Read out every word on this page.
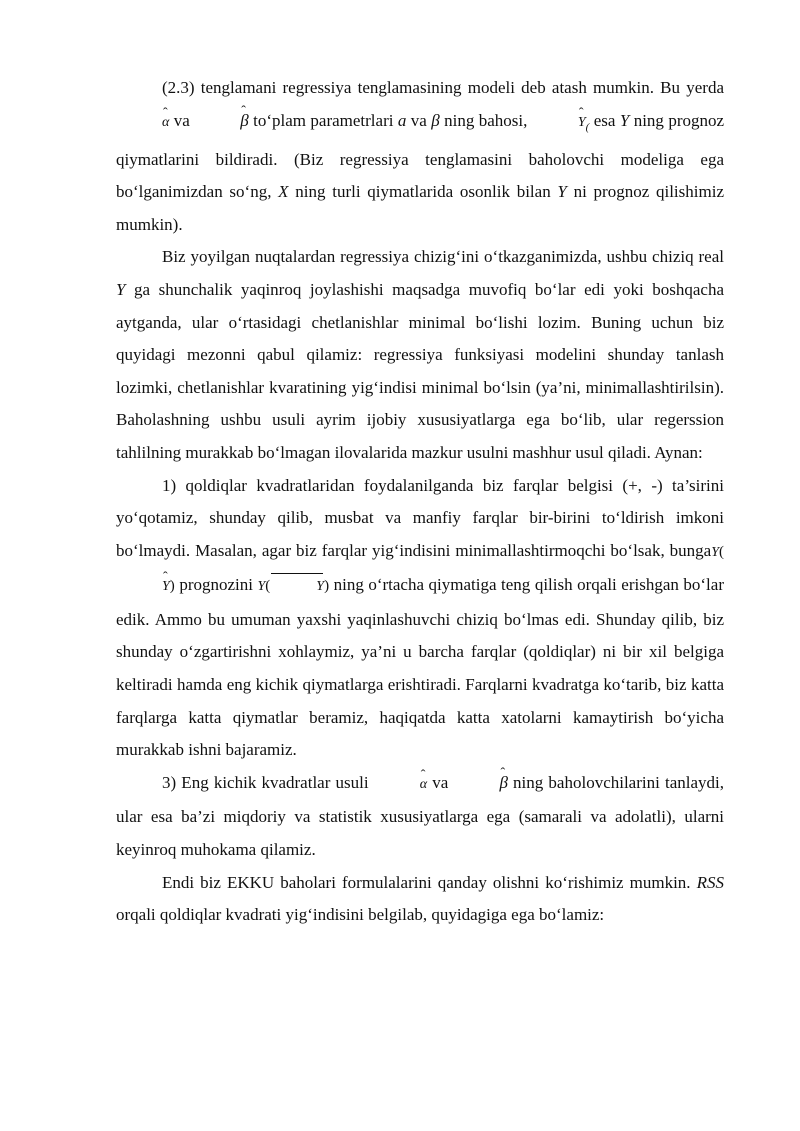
(2.3) tenglamani regressiya tenglamasining modeli deb atash mumkin. Bu yerda ˆ α va	ˆ β to‘plam parametrlari a va β ning bahosi,	ˆ $Y_($ esa Y ning prognoz qiymatlarini bildiradi. (Biz regressiya tenglamasini baholovchi modeliga ega bo‘lganimizdan so‘ng, X ning turli qiymatlarida osonlik bilan Y ni prognoz qilishimiz mumkin).

Biz yoyilgan nuqtalardan regressiya chizig‘ini o‘tkazganimizda, ushbu chiziq real Y ga shunchalik yaqinroq joylashishi maqsadga muvofiq bo‘lar edi yoki boshqacha aytganda, ular o‘rtasidagi chetlanishlar minimal bo‘lishi lozim. Buning uchun biz quyidagi mezonni qabul qilamiz: regressiya funksiyasi modelini shunday tanlash lozimki, chetlanishlar kvaratining yig‘indisi minimal bo‘lsin (ya’ni, minimallashtirilsin). Baholashning ushbu usuli ayrim ijobiy xususiyatlarga ega bo‘lib, ular regerssion tahlilning murakkab bo‘lmagan ilovalarida mazkur usulni mashhur usul qiladi. Aynan:

1) qoldiqlar kvadratlaridan foydalanilganda biz farqlar belgisi (+, -) ta’sirini yo‘qotamiz, shunday qilib, musbat va manfiy farqlar bir-birini to‘ldirish imkoni bo‘lmaydi. Masalan, agar biz farqlar yig‘indisini minimallashtirmoqchi bo‘lsak, bungaY(ˆ Y) prognozini Y(	Y) ning o‘rtacha qiymatiga teng qilish orqali erishgan bo‘lar edik. Ammo bu umuman yaxshi yaqinlashuvchi chiziq bo‘lmas edi. Shunday qilib, biz shunday o‘zgartirishni xohlaymiz, ya’ni u barcha farqlar (qoldiqlar) ni bir xil belgiga keltiradi hamda eng kichik qiymatlarga erishtiradi. Farqlarni kvadratga ko‘tarib, biz katta farqlarga katta qiymatlar beramiz, haqiqatda katta xatolarni kamaytirish bo‘yicha murakkab ishni bajaramiz.

3) Eng kichik kvadratlar usuli	ˆ α va	ˆ β ning baholovchilarini tanlaydi, ular esa ba’zi miqdoriy va statistik xususiyatlarga ega (samarali va adolatli), ularni keyinroq muhokama qilamiz.

Endi biz EKKU baholari formulalarini qanday olishni ko‘rishimiz mumkin. RSS orqali qoldiqlar kvadrati yig‘indisini belgilab, quyidagiga ega bo‘lamiz:
